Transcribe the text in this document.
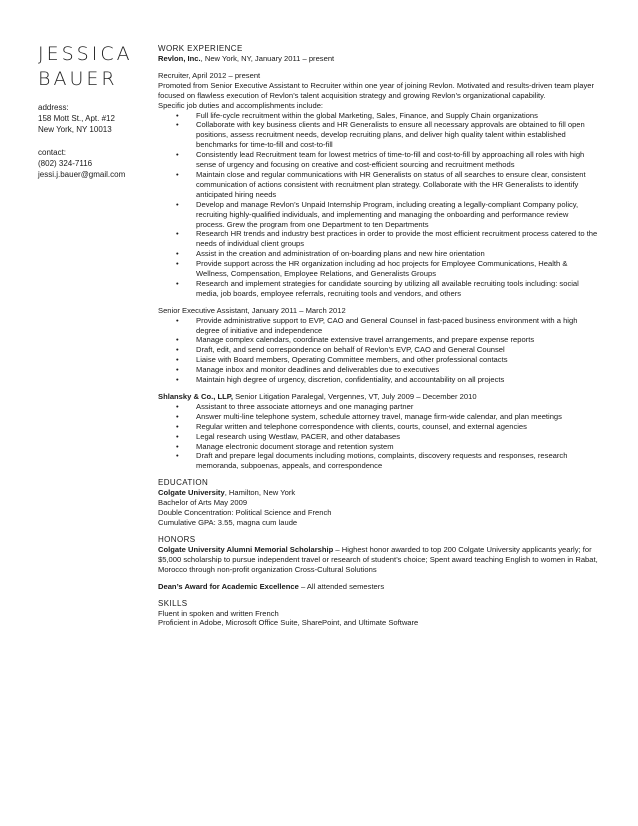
JESSICA
BAUER
address:
158 Mott St., Apt. #12
New York, NY 10013
contact:
(802) 324-7116
jessi.j.bauer@gmail.com
WORK EXPERIENCE

Revlon, Inc., New York, NY, January 2011 – present

Recruiter, April 2012 – present

Promoted from Senior Executive Assistant to Recruiter within one year of joining Revlon. Motivated and results-driven team player focused on flawless execution of Revlon’s talent acquisition strategy and growing Revlon’s organizational capability.

Specific job duties and accomplishments include:

• Full life-cycle recruitment within the global Marketing, Sales, Finance, and Supply Chain organizations
• Collaborate with key business clients and HR Generalists to ensure all necessary approvals are obtained to fill open positions, assess recruitment needs, develop recruiting plans, and deliver high quality talent within established benchmarks for time-to-fill and cost-to-fill
• Consistently lead Recruitment team for lowest metrics of time-to-fill and cost-to-fill by approaching all roles with high sense of urgency and focusing on creative and cost-efficient sourcing and recruitment methods
• Maintain close and regular communications with HR Generalists on status of all searches to ensure clear, consistent communication of actions consistent with recruitment plan strategy. Collaborate with the HR Generalists to identify anticipated hiring needs
• Develop and manage Revlon’s Unpaid Internship Program, including creating a legally-compliant Company policy, recruiting highly-qualified individuals, and implementing and managing the onboarding and performance review process. Grew the program from one Department to ten Departments
• Research HR trends and industry best practices in order to provide the most efficient recruitment process catered to the needs of individual client groups
• Assist in the creation and administration of on-boarding plans and new hire orientation
• Provide support across the HR organization including ad hoc projects for Employee Communications, Health & Wellness, Compensation, Employee Relations, and Generalists Groups
• Research and implement strategies for candidate sourcing by utilizing all available recruiting tools including: social media, job boards, employee referrals, recruiting tools and vendors, and others

Senior Executive Assistant, January 2011 – March 2012

• Provide administrative support to EVP, CAO and General Counsel in fast-paced business environment with a high degree of initiative and independence
• Manage complex calendars, coordinate extensive travel arrangements, and prepare expense reports
• Draft, edit, and send correspondence on behalf of Revlon’s EVP, CAO and General Counsel
• Liaise with Board members, Operating Committee members, and other professional contacts
• Manage inbox and monitor deadlines and deliverables due to executives
• Maintain high degree of urgency, discretion, confidentiality, and accountability on all projects

Shlansky & Co., LLP, Senior Litigation Paralegal, Vergennes, VT, July 2009 – December 2010

• Assistant to three associate attorneys and one managing partner
• Answer multi-line telephone system, schedule attorney travel, manage firm-wide calendar, and plan meetings
• Regular written and telephone correspondence with clients, courts, counsel, and external agencies
• Legal research using Westlaw, PACER, and other databases
• Manage electronic document storage and retention system
• Draft and prepare legal documents including motions, complaints, discovery requests and responses, research memoranda, subpoenas, appeals, and correspondence
EDUCATION

Colgate University, Hamilton, New York

Bachelor of Arts May 2009

Double Concentration: Political Science and French

Cumulative GPA: 3.55, magna cum laude

HONORS

Colgate University Alumni Memorial Scholarship – Highest honor awarded to top 200 Colgate University applicants yearly; for $5,000 scholarship to pursue independent travel or research of student’s choice; Spent award teaching English to women in Rabat, Morocco through non-profit organization Cross-Cultural Solutions

Dean’s Award for Academic Excellence – All attended semesters

SKILLS

Fluent in spoken and written French

Proficient in Adobe, Microsoft Office Suite, SharePoint, and Ultimate Software
